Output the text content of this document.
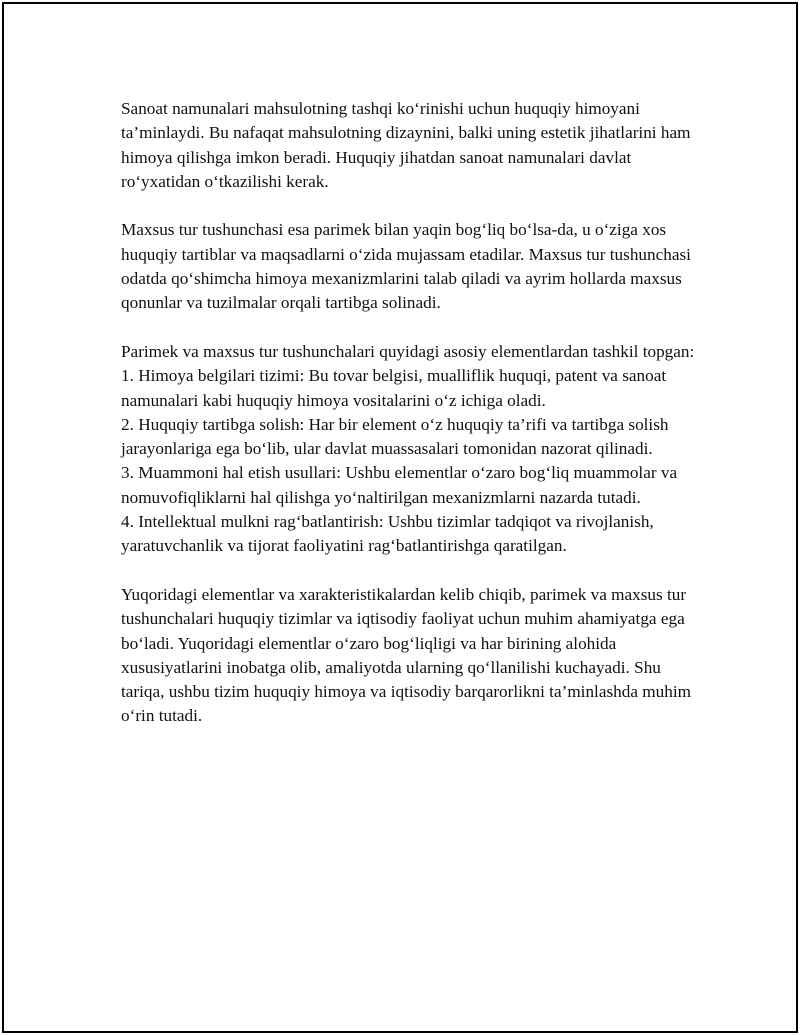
Sanoat namunalari mahsulotning tashqi ko‘rinishi uchun huquqiy himoyani ta’minlaydi. Bu nafaqat mahsulotning dizaynini, balki uning estetik jihatlarini ham himoya qilishga imkon beradi. Huquqiy jihatdan sanoat namunalari davlat ro‘yxatidan o‘tkazilishi kerak.

Maxsus tur tushunchasi esa parimek bilan yaqin bog‘liq bo‘lsa-da, u o‘ziga xos huquqiy tartiblar va maqsadlarni o‘zida mujassam etadilar. Maxsus tur tushunchasi odatda qo‘shimcha himoya mexanizmlarini talab qiladi va ayrim hollarda maxsus qonunlar va tuzilmalar orqali tartibga solinadi.

Parimek va maxsus tur tushunchalari quyidagi asosiy elementlardan tashkil topgan:
1. Himoya belgilari tizimi: Bu tovar belgisi, mualliflik huquqi, patent va sanoat namunalari kabi huquqiy himoya vositalarini o‘z ichiga oladi.
2. Huquqiy tartibga solish: Har bir element o‘z huquqiy ta’rifi va tartibga solish jarayonlariga ega bo‘lib, ular davlat muassasalari tomonidan nazorat qilinadi.
3. Muammoni hal etish usullari: Ushbu elementlar o‘zaro bog‘liq muammolar va nomuvofiqliklarni hal qilishga yo‘naltirilgan mexanizmlarni nazarda tutadi.
4. Intellektual mulkni rag‘batlantirish: Ushbu tizimlar tadqiqot va rivojlanish, yaratuvchanlik va tijorat faoliyatini rag‘batlantirishga qaratilgan.

Yuqoridagi elementlar va xarakteristikalardan kelib chiqib, parimek va maxsus tur tushunchalari huquqiy tizimlar va iqtisodiy faoliyat uchun muhim ahamiyatga ega bo‘ladi. Yuqoridagi elementlar o‘zaro bog‘liqligi va har birining alohida xususiyatlarini inobatga olib, amaliyotda ularning qo‘llanilishi kuchayadi. Shu tariqa, ushbu tizim huquqiy himoya va iqtisodiy barqarorlikni ta’minlashda muhim o‘rin tutadi.
